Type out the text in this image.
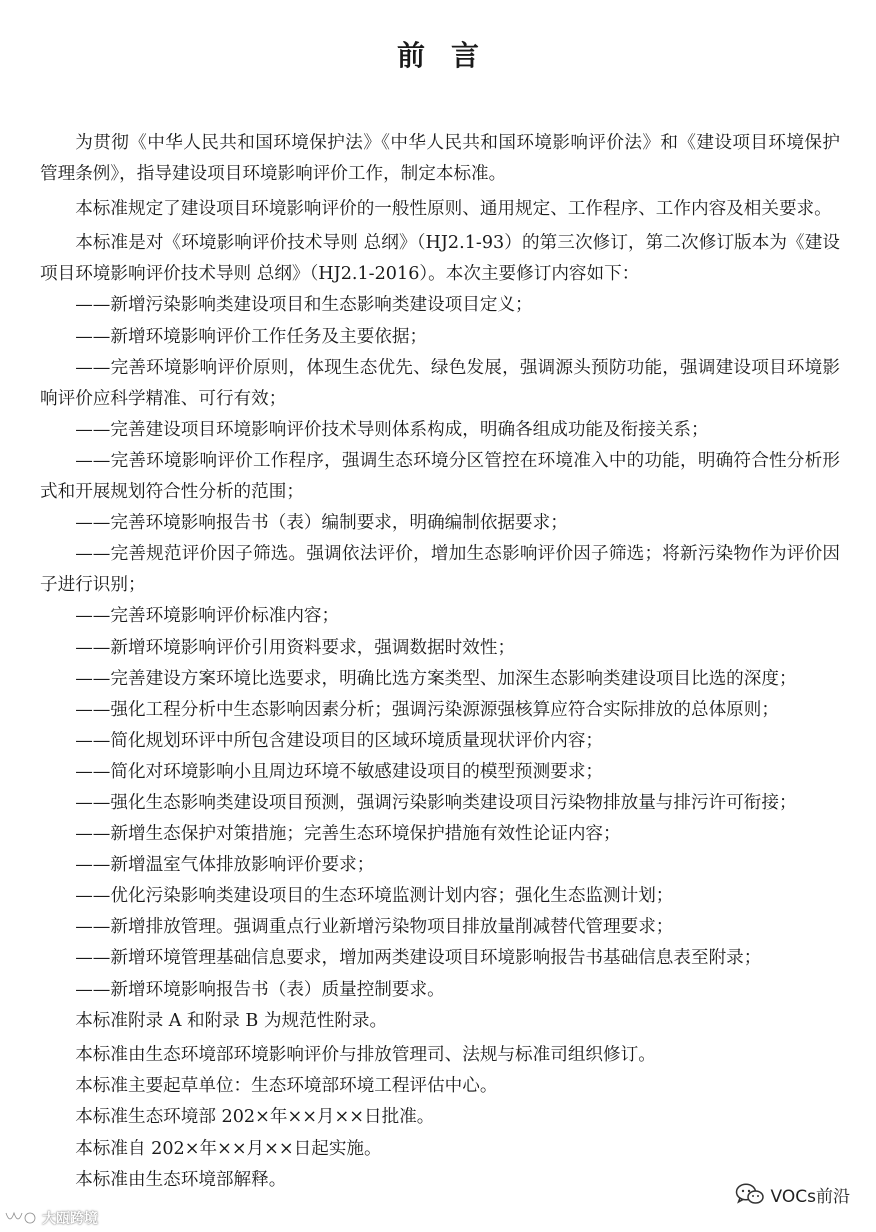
前言

为贯彻《中华人民共和国环境保护法》《中华人民共和国环境影响评价法》和《建设项目环境保护管理条例》，指导建设项目环境影响评价工作，制定本标准。

本标准规定了建设项目环境影响评价的一般性原则、通用规定、工作程序、工作内容及相关要求。

本标准是对《环境影响评价技术导则 总纲》（HJ2.1-93）的第三次修订，第二次修订版本为《建设项目环境影响评价技术导则 总纲》（HJ2.1-2016）。本次主要修订内容如下：

——新增污染影响类建设项目和生态影响类建设项目定义；

——新增环境影响评价工作任务及主要依据；

——完善环境影响评价原则，体现生态优先、绿色发展，强调源头预防功能，强调建设项目环境影响评价应科学精准、可行有效；

——完善建设项目环境影响评价技术导则体系构成，明确各组成功能及衔接关系；

——完善环境影响评价工作程序，强调生态环境分区管控在环境准入中的功能，明确符合性分析形式和开展规划符合性分析的范围；

——完善环境影响报告书（表）编制要求，明确编制依据要求；

——完善规范评价因子筛选。强调依法评价，增加生态影响评价因子筛选；将新污染物作为评价因子进行识别；

——完善环境影响评价标准内容；

——新增环境影响评价引用资料要求，强调数据时效性；

——完善建设方案环境比选要求，明确比选方案类型、加深生态影响类建设项目比选的深度；

——强化工程分析中生态影响因素分析；强调污染源源强核算应符合实际排放的总体原则；

——简化规划环评中所包含建设项目的区域环境质量现状评价内容；

——简化对环境影响小且周边环境不敏感建设项目的模型预测要求；

——强化生态影响类建设项目预测，强调污染影响类建设项目污染物排放量与排污许可衔接；

——新增生态保护对策措施；完善生态环境保护措施有效性论证内容；

——新增温室气体排放影响评价要求；

——优化污染影响类建设项目的生态环境监测计划内容；强化生态监测计划；

——新增排放管理。强调重点行业新增污染物项目排放量削减替代管理要求；

——新增环境管理基础信息要求，增加两类建设项目环境影响报告书基础信息表至附录；

——新增环境影响报告书（表）质量控制要求。

本标准附录 A 和附录 B 为规范性附录。

本标准由生态环境部环境影响评价与排放管理司、法规与标准司组织修订。

本标准主要起草单位：生态环境部环境工程评估中心。

本标准生态环境部 202×年××月××日批准。

本标准自 202×年××月××日起实施。

本标准由生态环境部解释。

VOCs前沿
大瓯跨境
